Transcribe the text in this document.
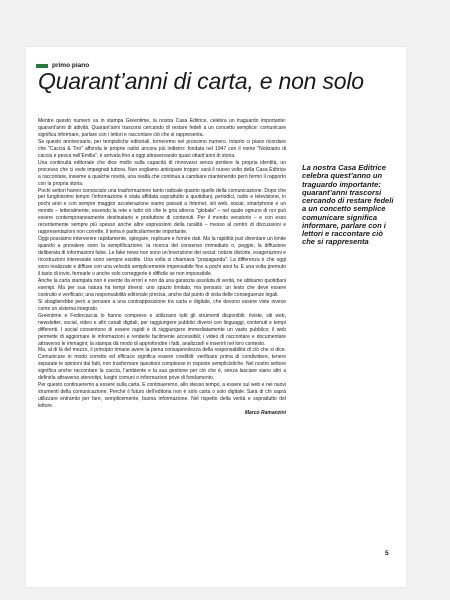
primo piano
Quarant’anni di carta, e non solo

Mentre questo numero va in stampa Greentime, la nostra Casa Editrice, celebra un traguardo importante: quarant’anni di attività. Quarant’anni trascorsi cercando di restare fedeli a un concetto semplice: comunicare significa informare, parlare con i lettori e raccontare ciò che si rappresenta.

Se questo anniversario, per tempistiche editoriali, torneremo nel prossimo numero. Intanto ci piace ricordare che "Caccia & Tiro" affonda le proprie radici ancora più indietro: fondata nel 1947 con il nome "Notiziario di caccia e pesca nell’Emilia", è arrivata fino a oggi attraversando quasi ottant’anni di storia.

Una continuità editoriale che dice molto sulla capacità di rinnovarsi senza perdere la propria identità, un processo che ci vede impegnati tuttora. Non vogliamo anticipare troppo: sarà il nuovo volto della Casa Editrice a raccontare, insieme a qualche novità, una realtà che continua a cambiare mantenendo però fermo il rapporto con la propria storia.

Pochi settori hanno conosciuto una trasformazione tanto radicale quanto quello della comunicazione. Dopo che per lunghissimo tempo l’informazione è stata affidata soprattutto a quotidiani, periodici, radio e televisione, in pochi anni e con sempre maggior accelerazione siamo passati a Internet, siti web, social, smartphone e un mondo – letteralmente, essendo la rete e tutto ciò che le gira attorno "globale" – nel quale ognuno di noi può essere contemporaneamente destinatario e produttore di contenuti. Per il mondo venatorio – e con esso recentemente sempre più spesso anche altre espressioni della ruralità – messo al centro di discussioni e rappresentazioni non corrette, il tema è particolarmente importante.

Oggi possiamo intervenire rapidamente, spiegare, replicare e fornire dati. Ma la rapidità può diventare un limite quando a prevalere sono la semplificazione, la ricerca del consenso immediato o, peggio, la diffusione deliberata di informazioni false. Le fake news non sono un’invenzione dei social: notizie distorte, esagerazioni e ricostruzioni interessate sono sempre esistite. Una volta si chiamava "propaganda". La differenza è che oggi sono realizzate e diffuse con una velocità semplicemente impensabile fino a pochi anni fa. E una volta premuto il tasto di invio, fermarle o anche solo correggerle è difficile se non impossibile.

Anche la carta stampata non è esente da errori e non dà una garanzia assoluta di verità, ne abbiamo quotidiani esempi. Ma per sua natura ha tempi diversi: uno spazio limitato, ma pensato; un testo che deve essere costruito e verificato; una responsabilità editoriale precisa, anche dal punto di vista delle conseguenze legali.

Si sbaglierebbe però a pensare a una contrapposizione tra carta e digitale, che devono essere viste invece come un sistema integrato.

Greentime e Federcaccia lo hanno compreso e utilizzano tutti gli strumenti disponibili: riviste, siti web, newsletter, social, video e altri canali digitali, per raggiungere pubblici diversi con linguaggi, contenuti e tempi differenti. I social consentono di essere rapidi e di raggiungere immediatamente un vasto pubblico; il web permette di aggiornare le informazioni e renderle facilmente accessibili; i video di raccontare e documentare attraverso le immagini; la stampa dà modo di approfondire i fatti, analizzarli e inserirli nel loro contesto.

Ma, al di là del mezzo, il principio rimane avere la piena consapevolezza della responsabilità di ciò che si dice. Comunicare in modo corretto ed efficace significa essere credibili: verificare prima di condividere, tenere separate le opinioni dai fatti, non trasformare questioni complesse in risposte semplicistiche. Nel nostro settore significa anche raccontare la caccia, l’ambiente e la sua gestione per ciò che è, senza lasciare siano altri a definirla attraverso stereotipi, luoghi comuni o informazioni prive di fondamento.

Per questo continueremo a essere sulla carta. E continueremo, allo stesso tempo, a essere sul web e nei nuovi strumenti della comunicazione. Perché il futuro dell’editoria non è solo carta o solo digitale. Sarà di chi saprà utilizzare entrambi per fare, semplicemente, buona informazione. Nel rispetto della verità e soprattutto del lettore.

Marco Ramanzini
La nostra Casa Editrice celebra quest’anno un traguardo importante: quarant’anni trascorsi cercando di restare fedeli a un concetto semplice comunicare significa informare, parlare con i lettori e raccontare ciò che si rappresenta
5
